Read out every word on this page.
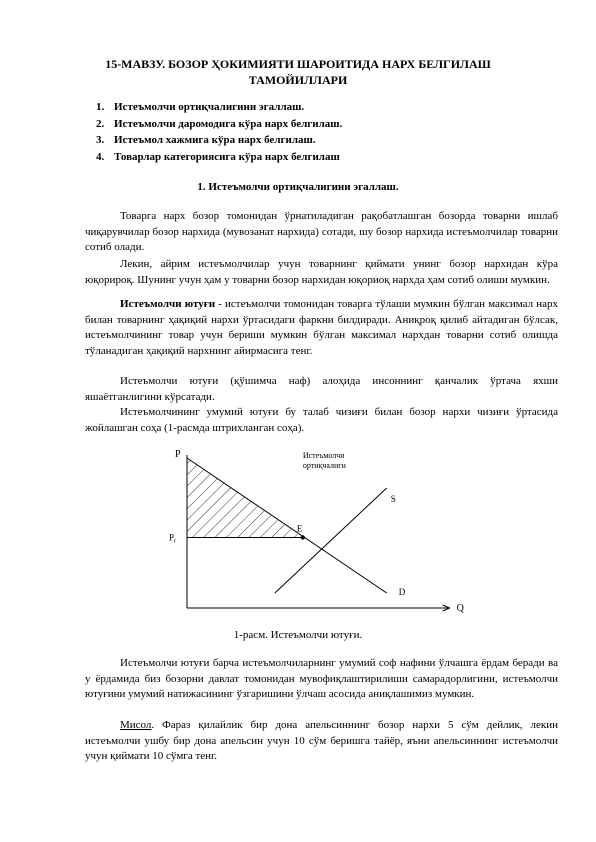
15-МАВЗУ. БОЗОР ҲОКИМИЯТИ ШАРОИТИДА НАРХ БЕЛГИЛАШ ТАМОЙИЛЛАРИ
1. Истеъмолчи ортиқчалигини эгаллаш.
2. Истеъмолчи даромодига кўра нарх белгилаш.
3. Истеъмол хажмига кўра нарх белгилаш.
4. Товарлар категориясига кўра нарх белгилаш
1. Истеъмолчи ортиқчалигини эгаллаш.

Товарга нарх бозор томонидан ўрнатиладиган рақобатлашган бозорда товарни ишлаб чиқарувчилар бозор нархида (мувозанат нархида) сотади, шу бозор нархида истеъмолчилар товарни сотиб олади.

Лекин, айрим истеъмолчилар учун товарнинг қиймати унинг бозор нархидан кўра юқорироқ. Шунинг учун ҳам у товарни бозор нархидан юқориоқ нархда ҳам сотиб олиши мумкин.

Истеъмолчи ютуғи - истеъмолчи томонидан товарга тўлаши мумкин бўлган максимал нарх билан товарнинг ҳақиқий нархи ўртасидаги фаркни билдиради. Аниқроқ қилиб айтадиган бўлсак, истеъмолчининг товар учун бериши мумкин бўлган максимал нархдан товарни сотиб олишда тўланадиган ҳақиқий нархнинг айирмасига тенг.

Истеъмолчи ютуғи (қўшимча наф) алоҳида инсоннинг қанчалик ўртача яхши яшаётганлигини кўрсатади.

Истеъмолчининг умумий ютуғи бу талаб чизиғи билан бозор нархи чизиғи ўртасида жойлашган соҳа (1-расмда штрихланган соҳа).

E
P
Q
D
S
$P_r$
Истеъмолчи
ортиқчалиги
1-расм. Истеъмолчи ютуғи.

Истеъмолчи ютуғи барча истеъмолчиларнинг умумий соф нафини ўлчашга ёрдам беради ва у ёрдамида биз бозорни давлат томонидан мувофиқлаштирилиши самарадорлигини, истеъмолчи ютуғини умумий натижасининг ўзгаришини ўлчаш асосида аниқлашимиз мумкин.

Мисол. Фараз қилайлик бир дона апельсиннинг бозор нархи 5 сўм дейлик, лекин истеъмолчи ушбу бир дона апельсин учун 10 сўм беришга тайёр, яъни апельсиннинг истеъмолчи учун қиймати 10 сўмга тенг.
